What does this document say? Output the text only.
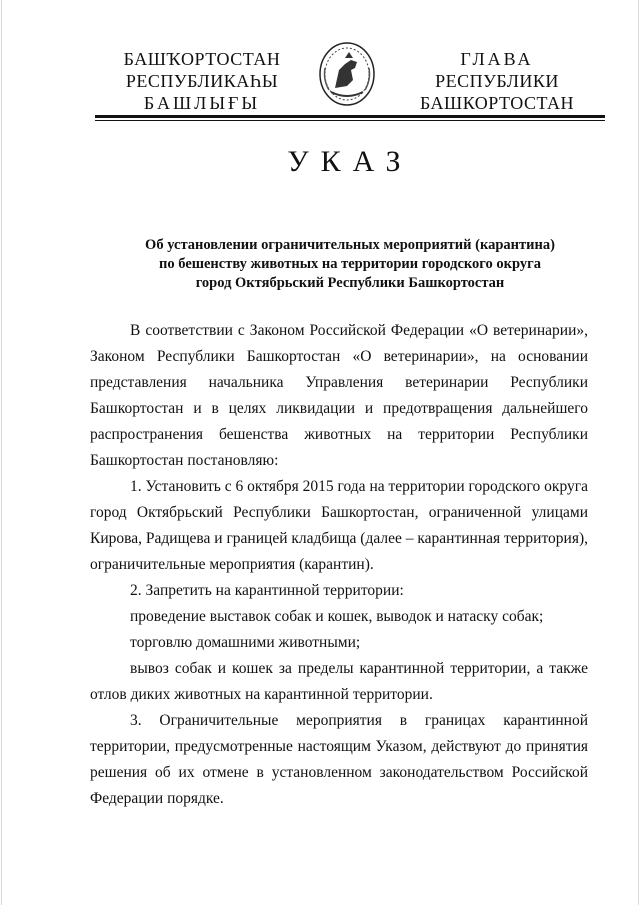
БАШҠОРТОСТАН
РЕСПУБЛИКАҺЫ
БАШЛЫҒЫ
ГЛАВА
РЕСПУБЛИКИ
БАШКОРТОСТАН
УКАЗ
Об установлении ограничительных мероприятий (карантина)
по бешенству животных на территории городского округа
город Октябрьский Республики Башкортостан

В соответствии с Законом Российской Федерации «О ветеринарии», Законом Республики Башкортостан «О ветеринарии», на основании представления начальника Управления ветеринарии Республики Башкортостан и в целях ликвидации и предотвращения дальнейшего распространения бешенства животных на территории Республики Башкортостан постановляю:

1. Установить с 6 октября 2015 года на территории городского округа город Октябрьский Республики Башкортостан, ограниченной улицами Кирова, Радищева и границей кладбища (далее – карантинная территория), ограничительные мероприятия (карантин).

2. Запретить на карантинной территории:

проведение выставок собак и кошек, выводок и натаску собак;

торговлю домашними животными;

вывоз собак и кошек за пределы карантинной территории, а также отлов диких животных на карантинной территории.

3. Ограничительные мероприятия в границах карантинной территории, предусмотренные настоящим Указом, действуют до принятия решения об их отмене в установленном законодательством Российской Федерации порядке.
